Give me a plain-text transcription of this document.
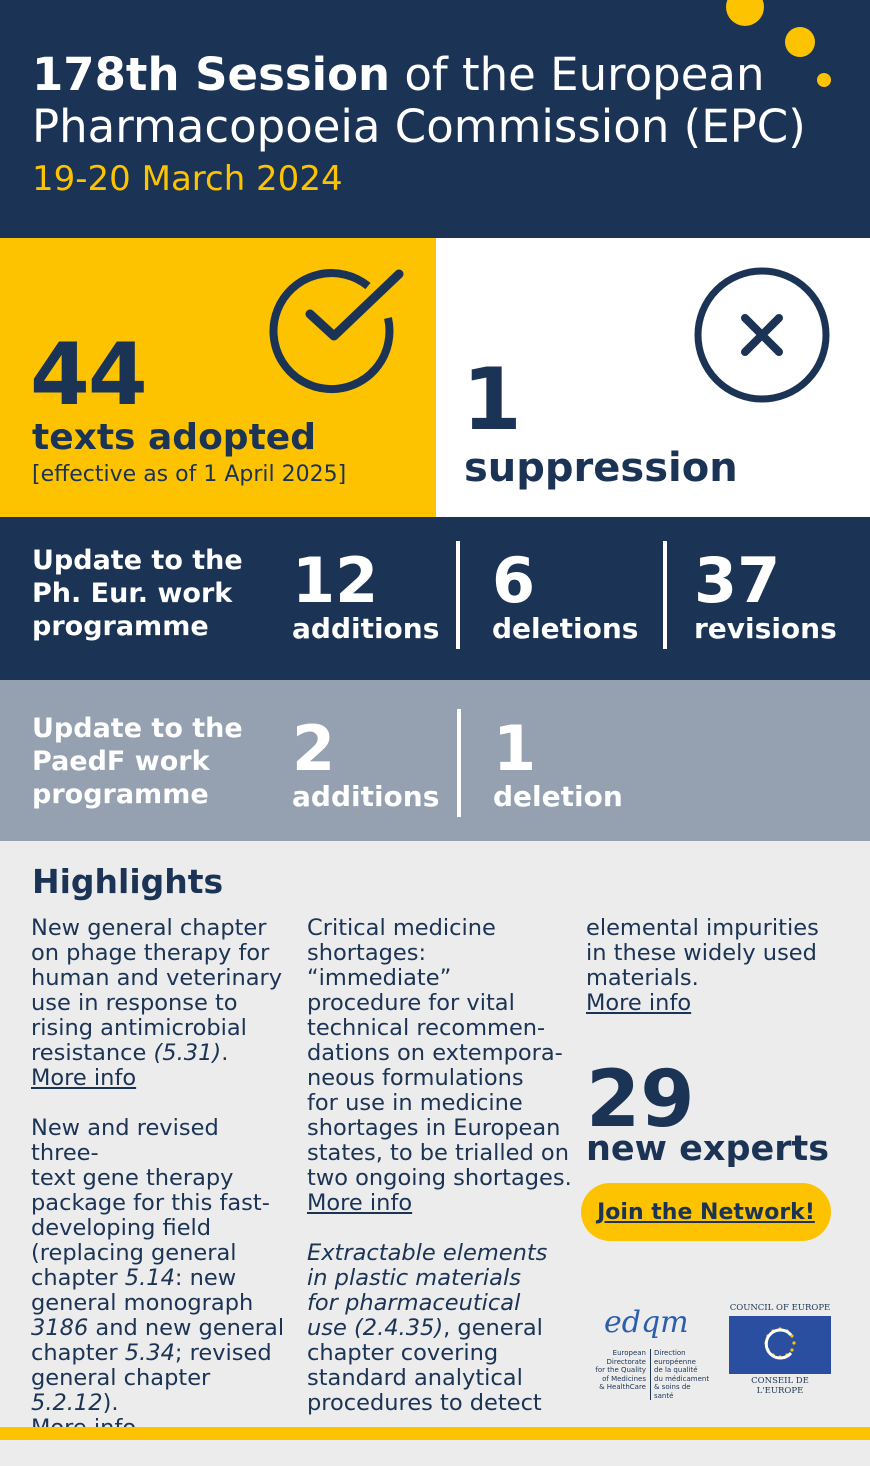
178th Session of the European
Pharmacopoeia Commission (EPC)
19-20 March 2024
44
texts adopted
[effective as of 1 April 2025]
1
suppression
Update to the
Ph. Eur. work
programme
12
additions
6
deletions
37
revisions
Update to the
PaedF work
programme
2
additions
1
deletion
Highlights

New general chapter
on phage therapy for
human and veterinary
use in response to
rising antimicrobial
resistance (5.31).
More info

New and revised three-
text gene therapy
package for this fast-
developing field
(replacing general
chapter 5.14: new
general monograph
3186 and new general
chapter 5.34; revised
general chapter 5.2.12).

Critical medicine
shortages: “immediate”
procedure for vital
technical recommen-
dations on extempora-
neous formulations
for use in medicine
shortages in European
states, to be trialled on
two ongoing shortages.
More info

Extractable elements
in plastic materials
for pharmaceutical
use (2.4.35), general
chapter covering
standard analytical
procedures to detect

elemental impurities
in these widely used
materials.
More info

29
new experts
Join the Network!
edqm
European Directorate
for the Quality
of Medicines
& HealthCare
Direction européenne
de la qualité
du médicament
& soins de santé
COUNCIL OF EUROPE
CONSEIL DE L'EUROPE
